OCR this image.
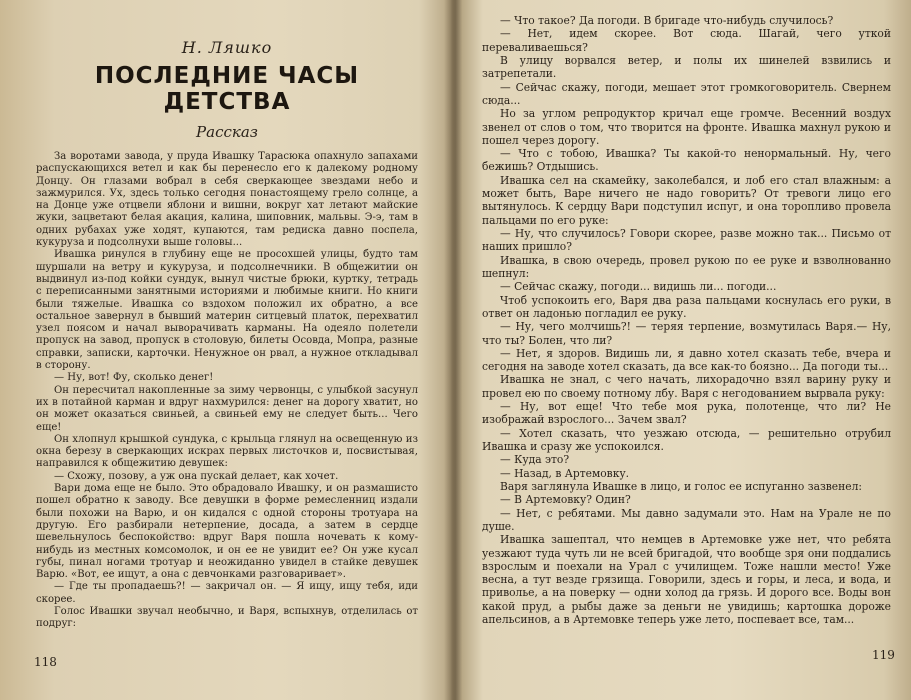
Н. Ляшко
ПОСЛЕДНИЕ ЧАСЫ ДЕТСТВА
Рассказ

За воротами завода, у пруда Ивашку Тарасюка опахнуло запахами распускающихся ветел и как бы перенесло его к далекому родному Донцу. Он глазами вобрал в себя сверкающее звездами небо и зажмурился. Ух, здесь только сегодня понастоящему грело солнце, а на Донце уже отцвели яблони и вишни, вокруг хат летают майские жуки, зацветают белая акация, калина, шиповник, мальвы. Э-э, там в одних рубахах уже ходят, купаются, там редиска давно поспела, кукуруза и подсолнухи выше головы...

Ивашка ринулся в глубину еще не просохшей улицы, будто там шуршали на ветру и кукуруза, и подсолнечники. В общежитии он выдвинул из-под койки сундук, вынул чистые брюки, куртку, тетрадь с переписанными занятными историями и любимые книги. Но книги были тяжелые. Ивашка со вздохом положил их обратно, а все остальное завернул в бывший материн ситцевый платок, перехватил узел поясом и начал выворачивать карманы. На одеяло полетели пропуск на завод, пропуск в столовую, билеты Осовда, Мопра, разные справки, записки, карточки. Ненужное он рвал, а нужное откладывал в сторону.

— Ну, вот! Фу, сколько денег!

Он пересчитал накопленные за зиму червонцы, с улыбкой засунул их в потайной карман и вдруг нахмурился: денег на дорогу хватит, но он может оказаться свиньей, а свиньей ему не следует быть... Чего еще!

Он хлопнул крышкой сундука, с крыльца глянул на освещенную из окна березу в сверкающих искрах первых листочков и, посвистывая, направился к общежитию девушек:

— Схожу, позову, а уж она пускай делает, как хочет.

Вари дома еще не было. Это обрадовало Ивашку, и он размашисто пошел обратно к заводу. Все девушки в форме ремесленниц издали были похожи на Варю, и он кидался с одной стороны тротуара на другую. Его разбирали нетерпение, досада, а затем в сердце шевельнулось беспокойство: вдруг Варя пошла ночевать к кому-нибудь из местных комсомолок, и он ее не увидит ее? Он уже кусал губы, пинал ногами тротуар и неожиданно увидел в стайке девушек Варю. «Вот, ее ищут, а она с девчонками разговаривает».

— Где ты пропадаешь?! — закричал он. — Я ищу, ищу тебя, иди скорее.

Голос Ивашки звучал необычно, и Варя, вспыхнув, отделилась от подруг:

— Что такое? Да погоди. В бригаде что-нибудь случилось?

— Нет, идем скорее. Вот сюда. Шагай, чего уткой переваливаешься?

В улицу ворвался ветер, и полы их шинелей взвились и затрепетали.

— Сейчас скажу, погоди, мешает этот громкоговоритель. Свернем сюда...

Но за углом репродуктор кричал еще громче. Весенний воздух звенел от слов о том, что творится на фронте. Ивашка махнул рукою и пошел через дорогу.

— Что с тобою, Ивашка? Ты какой-то ненормальный. Ну, чего бежишь? Отдышись.

Ивашка сел на скамейку, заколебался, и лоб его стал влажным: а может быть, Варе ничего не надо говорить? От тревоги лицо его вытянулось. К сердцу Вари подступил испуг, и она торопливо провела пальцами по его руке:

— Ну, что случилось? Говори скорее, разве можно так... Письмо от наших пришло?

Ивашка, в свою очередь, провел рукою по ее руке и взволнованно шепнул:

— Сейчас скажу, погоди... видишь ли... погоди...

Чтоб успокоить его, Варя два раза пальцами коснулась его руки, в ответ он ладонью погладил ее руку.

— Ну, чего молчишь?! — теряя терпение, возмутилась Варя.— Ну, что ты? Болен, что ли?

— Нет, я здоров. Видишь ли, я давно хотел сказать тебе, вчера и сегодня на заводе хотел сказать, да все как-то боязно... Да погоди ты...

Ивашка не знал, с чего начать, лихорадочно взял варину руку и провел ею по своему потному лбу. Варя с негодованием вырвала руку:

— Ну, вот еще! Что тебе моя рука, полотенце, что ли? Не изображай взрослого... Зачем звал?

— Хотел сказать, что уезжаю отсюда, — решительно отрубил Ивашка и сразу же успокоился.

— Куда это?

— Назад, в Артемовку.

Варя заглянула Ивашке в лицо, и голос ее испуганно зазвенел:

— В Артемовку? Один?

— Нет, с ребятами. Мы давно задумали это. Нам на Урале не по душе.

Ивашка зашептал, что немцев в Артемовке уже нет, что ребята уезжают туда чуть ли не всей бригадой, что вообще зря они поддались взрослым и поехали на Урал с училищем. Тоже нашли место! Уже весна, а тут везде грязища. Говорили, здесь и горы, и леса, и вода, и приволье, а на поверку — одни холод да грязь. И дорого все. Воды вон какой пруд, а рыбы даже за деньги не увидишь; картошка дороже апельсинов, а в Артемовке теперь уже лето, поспевает все, там...

118	119
